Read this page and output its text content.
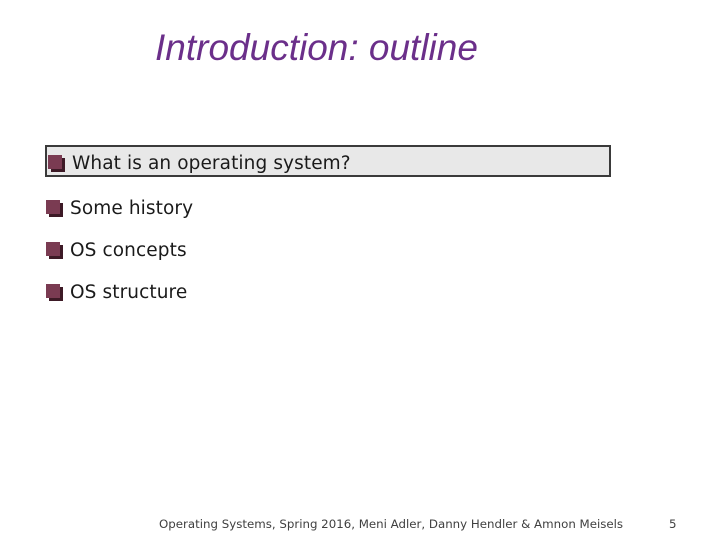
Introduction: outline
What is an operating system?
Some history
OS concepts
OS structure
Operating Systems, Spring 2016, Meni Adler, Danny Hendler & Amnon Meisels	5
